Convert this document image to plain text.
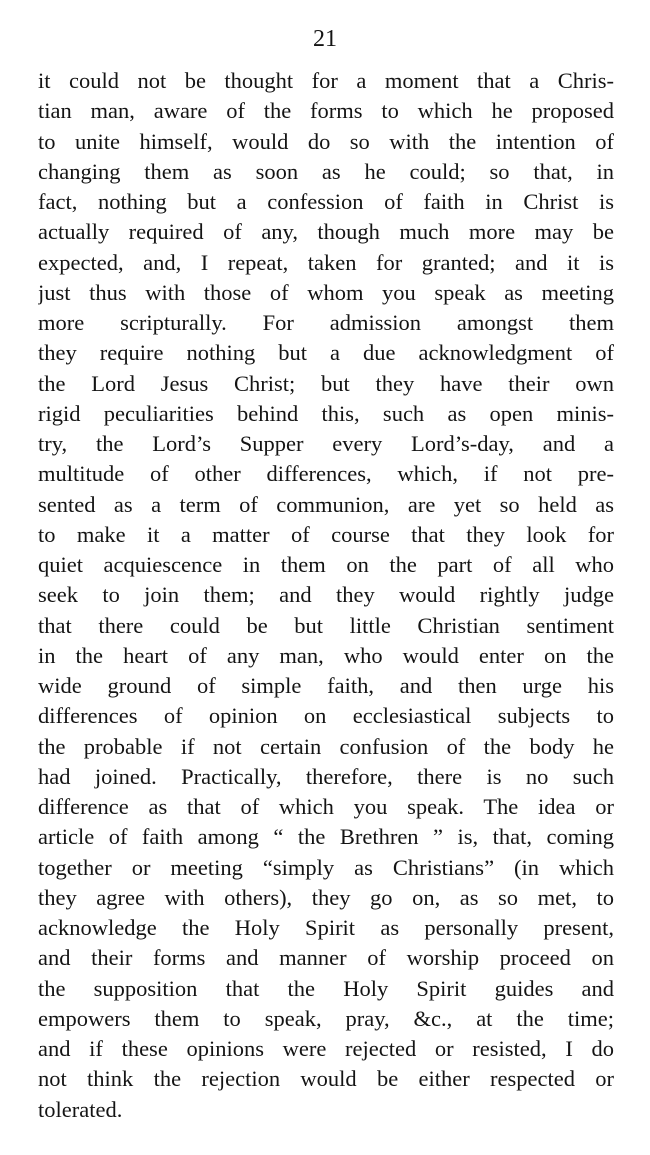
21
it could not be thought for a moment that a Chris-
tian man, aware of the forms to which he proposed
to unite himself, would do so with the intention of
changing them as soon as he could; so that, in
fact, nothing but a confession of faith in Christ is
actually required of any, though much more may be
expected, and, I repeat, taken for granted; and it is
just thus with those of whom you speak as meeting
more scripturally. For admission amongst them
they require nothing but a due acknowledgment of
the Lord Jesus Christ; but they have their own
rigid peculiarities behind this, such as open minis-
try, the Lord’s Supper every Lord’s-day, and a
multitude of other differences, which, if not pre-
sented as a term of communion, are yet so held as
to make it a matter of course that they look for
quiet acquiescence in them on the part of all who
seek to join them; and they would rightly judge
that there could be but little Christian sentiment
in the heart of any man, who would enter on the
wide ground of simple faith, and then urge his
differences of opinion on ecclesiastical subjects to
the probable if not certain confusion of the body he
had joined. Practically, therefore, there is no such
difference as that of which you speak. The idea or
article of faith among “ the Brethren ” is, that, coming
together or meeting “simply as Christians” (in which
they agree with others), they go on, as so met, to
acknowledge the Holy Spirit as personally present,
and their forms and manner of worship proceed on
the supposition that the Holy Spirit guides and
empowers them to speak, pray, &c., at the time;
and if these opinions were rejected or resisted, I do
not think the rejection would be either respected or
tolerated.
